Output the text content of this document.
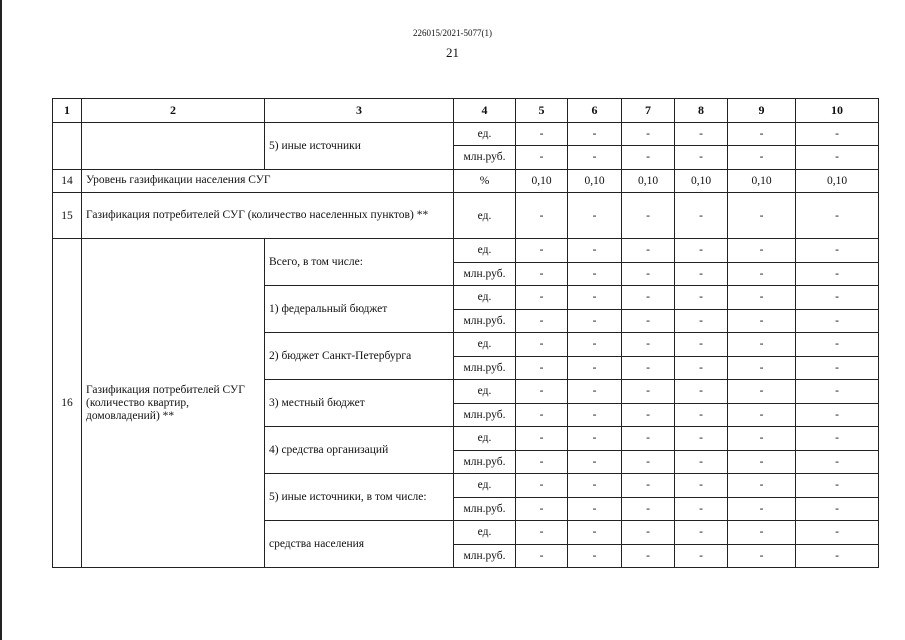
226015/2021-5077(1)
21
1	2	3	4	5	6	7	8	9	10
		5) иные источники	ед.	-	-	-	-	-	-
			млн.руб.	-	-	-	-	-	-
14	Уровень газификации населения СУГ		%	0,10	0,10	0,10	0,10	0,10	0,10
15	Газификация потребителей СУГ (количество населенных пунктов) **		ед.	-	-	-	-	-	-
16	Газификация потребителей СУГ (количество квартир, домовладений) **	Всего, в том числе:	ед.	-	-	-	-	-	-
			млн.руб.	-	-	-	-	-	-
		1) федеральный бюджет	ед.	-	-	-	-	-	-
			млн.руб.	-	-	-	-	-	-
		2) бюджет Санкт-Петербурга	ед.	-	-	-	-	-	-
			млн.руб.	-	-	-	-	-	-
		3) местный бюджет	ед.	-	-	-	-	-	-
			млн.руб.	-	-	-	-	-	-
		4) средства организаций	ед.	-	-	-	-	-	-
			млн.руб.	-	-	-	-	-	-
		5) иные источники, в том числе:	ед.	-	-	-	-	-	-
			млн.руб.	-	-	-	-	-	-
		средства населения	ед.	-	-	-	-	-	-
			млн.руб.	-	-	-	-	-	-
